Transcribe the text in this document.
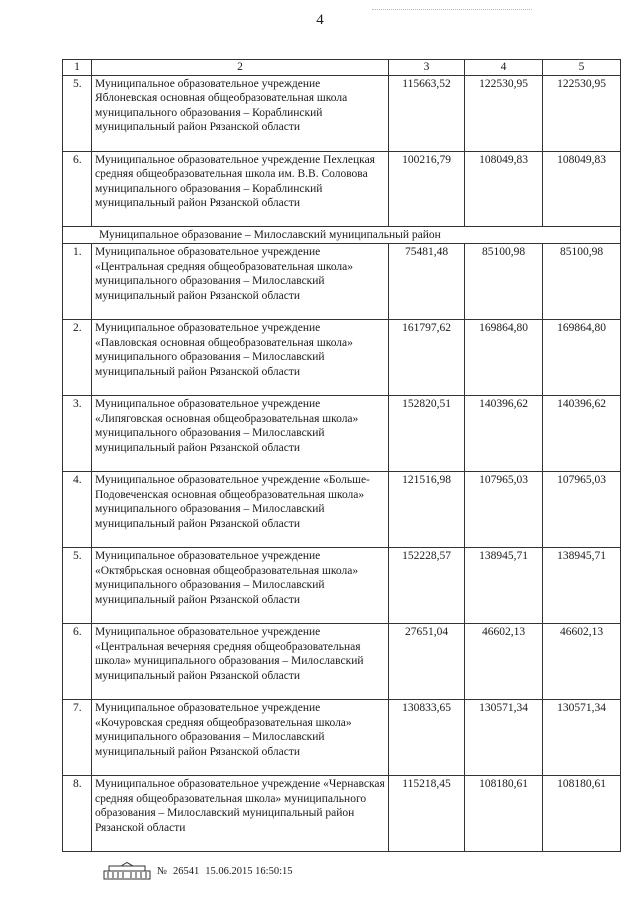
4
1	2	3	4	5
5.	Муниципальное образовательное учреждение Яблоневская основная общеобразовательная школа муниципального образования – Кораблинский муниципальный район Рязанской области	115663,52	122530,95	122530,95
6.	Муниципальное образовательное учреждение Пехлецкая средняя общеобразовательная школа им. В.В. Соловова муниципального образования – Кораблинский муниципальный район Рязанской области	100216,79	108049,83	108049,83
Муниципальное образование – Милославский муниципальный район				
1.	Муниципальное образовательное учреждение «Центральная средняя общеобразовательная школа» муниципального образования – Милославский муниципальный район Рязанской области	75481,48	85100,98	85100,98
2.	Муниципальное образовательное учреждение «Павловская основная общеобразовательная школа» муниципального образования – Милославский муниципальный район Рязанской области	161797,62	169864,80	169864,80
3.	Муниципальное образовательное учреждение «Липяговская основная общеобразовательная школа» муниципального образования – Милославский муниципальный район Рязанской области	152820,51	140396,62	140396,62
4.	Муниципальное образовательное учреждение «Больше-Подовеченская основная общеобразовательная школа» муниципального образования – Милославский муниципальный район Рязанской области	121516,98	107965,03	107965,03
5.	Муниципальное образовательное учреждение «Октябрьская основная общеобразовательная школа» муниципального образования – Милославский муниципальный район Рязанской области	152228,57	138945,71	138945,71
6.	Муниципальное образовательное учреждение «Центральная вечерняя средняя общеобразовательная школа» муниципального образования – Милославский муниципальный район Рязанской области	27651,04	46602,13	46602,13
7.	Муниципальное образовательное учреждение «Кочуровская средняя общеобразовательная школа» муниципального образования – Милославский муниципальный район Рязанской области	130833,65	130571,34	130571,34
8.	Муниципальное образовательное учреждение «Чернавская средняя общеобразовательная школа» муниципального образования – Милославский муниципальный район Рязанской области	115218,45	108180,61	108180,61
№ 26541 15.06.2015 16:50:15
